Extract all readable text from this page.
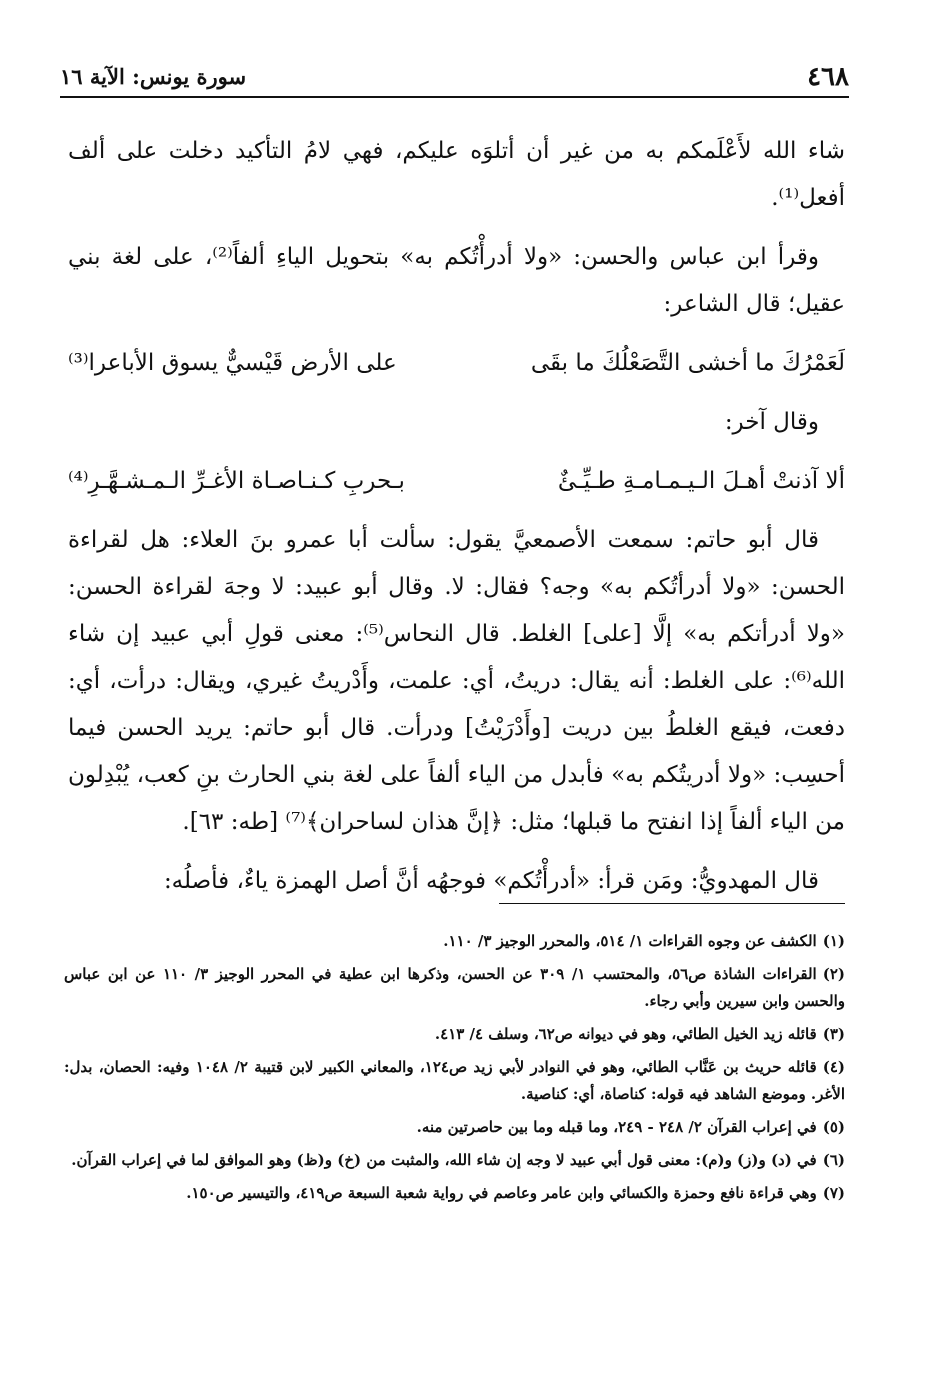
٤٦٨
سورة يونس: الآية ١٦

شاء الله لأَعْلَمكم به من غير أن أتلوَه عليكم، فهي لامُ التأكيد دخلت على ألف أفعل⁽¹⁾.

وقرأ ابن عباس والحسن: «ولا أدرأْتُكم به» بتحويل الياءِ ألفاً⁽²⁾، على لغة بني عقيل؛ قال الشاعر:

لَعَمْرُكَ ما أخشى التَّصَعْلُكَ ما بقَى
على الأرض قَيْسيٌّ يسوق الأباعرا⁽³⁾

وقال آخر:

ألا آذنتْ أهـلَ الـيـمـامـةِ طـيِّـئٌ
بـحربِ كـنـاصـاة الأغـرِّ الـمـشـهَّـرِ⁽⁴⁾

قال أبو حاتم: سمعت الأصمعيَّ يقول: سألت أبا عمرو بنَ العلاء: هل لقراءة الحسن: «ولا أدرأتُكم به» وجه؟ فقال: لا. وقال أبو عبيد: لا وجهَ لقراءة الحسن: «ولا أدرأتكم به» إلَّا [على] الغلط. قال النحاس⁽⁵⁾: معنى قولِ أبي عبيد إن شاء الله⁽⁶⁾: على الغلط: أنه يقال: دريتُ، أي: علمت، وأَدْريتُ غيري، ويقال: درأت، أي: دفعت، فيقع الغلطُ بين دريت [وأَدْرَيْتُ] ودرأت. قال أبو حاتم: يريد الحسن فيما أحسِب: «ولا أدريتُكم به» فأبدل من الياء ألفاً على لغة بني الحارث بنِ كعب، يُبْدِلون من الياء ألفاً إذا انفتح ما قبلها؛ مثل: ﴿إنَّ هذان لساحران﴾⁽⁷⁾ [طه: ٦٣].

قال المهدويُّ: ومَن قرأ: «أدرأْتُكم» فوجهُه أنَّ أصل الهمزة ياءٌ، فأصلُه:

(١)الكشف عن وجوه القراءات ١/ ٥١٤، والمحرر الوجيز ٣/ ١١٠.
(٢)القراءات الشاذة ص٥٦، والمحتسب ١/ ٣٠٩ عن الحسن، وذكرها ابن عطية في المحرر الوجيز ٣/ ١١٠ عن ابن عباس والحسن وابن سيرين وأبي رجاء.
(٣)قائله زيد الخيل الطائي، وهو في ديوانه ص٦٢، وسلف ٤/ ٤١٣.
(٤)قائله حريث بن عَنَّاب الطائي، وهو في النوادر لأبي زيد ص١٢٤، والمعاني الكبير لابن قتيبة ٢/ ١٠٤٨ وفيه: الحصان، بدل: الأغر. وموضع الشاهد فيه قوله: كناصاة، أي: كناصية.
(٥)في إعراب القرآن ٢/ ٢٤٨ - ٢٤٩، وما قبله وما بين حاصرتين منه.
(٦)في (د) و(ز) و(م): معنى قول أبي عبيد لا وجه إن شاء الله، والمثبت من (خ) و(ظ) وهو الموافق لما في إعراب القرآن.
(٧)وهي قراءة نافع وحمزة والكسائي وابن عامر وعاصم في رواية شعبة السبعة ص٤١٩، والتيسير ص١٥٠.
